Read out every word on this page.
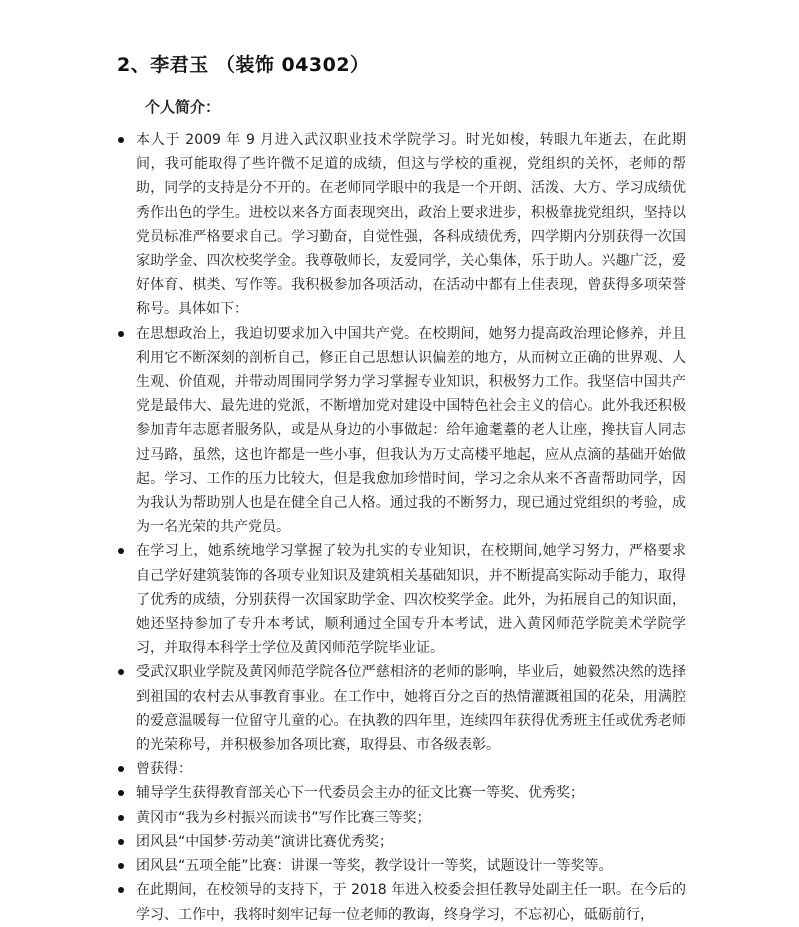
2、李君玉 （装饰 04302）
个人简介：
本人于 2009 年 9 月进入武汉职业技术学院学习。时光如梭，转眼九年逝去，在此期间，我可能取得了些许微不足道的成绩，但这与学校的重视，党组织的关怀，老师的帮助，同学的支持是分不开的。在老师同学眼中的我是一个开朗、活泼、大方、学习成绩优秀作出色的学生。进校以来各方面表现突出，政治上要求进步，积极靠拢党组织，坚持以党员标准严格要求自己。学习勤奋，自觉性强，各科成绩优秀，四学期内分别获得一次国家助学金、四次校奖学金。我尊敬师长，友爱同学，关心集体，乐于助人。兴趣广泛，爱好体育、棋类、写作等。我积极参加各项活动，在活动中都有上佳表现，曾获得多项荣誉称号。具体如下：
在思想政治上，我迫切要求加入中国共产党。在校期间，她努力提高政治理论修养，并且利用它不断深刻的剖析自己，修正自己思想认识偏差的地方，从而树立正确的世界观、人生观、价值观，并带动周围同学努力学习掌握专业知识，积极努力工作。我坚信中国共产党是最伟大、最先进的党派，不断增加党对建设中国特色社会主义的信心。此外我还积极参加青年志愿者服务队，或是从身边的小事做起：给年逾耄耋的老人让座，搀扶盲人同志过马路，虽然，这也许都是一些小事，但我认为万丈高楼平地起，应从点滴的基础开始做起。学习、工作的压力比较大，但是我愈加珍惜时间，学习之余从来不吝啬帮助同学，因为我认为帮助别人也是在健全自己人格。通过我的不断努力，现已通过党组织的考验，成为一名光荣的共产党员。
在学习上，她系统地学习掌握了较为扎实的专业知识，在校期间,她学习努力，严格要求自己学好建筑装饰的各项专业知识及建筑相关基础知识，并不断提高实际动手能力，取得了优秀的成绩，分别获得一次国家助学金、四次校奖学金。此外，为拓展自己的知识面，她还坚持参加了专升本考试，顺利通过全国专升本考试，进入黄冈师范学院美术学院学习，并取得本科学士学位及黄冈师范学院毕业证。
受武汉职业学院及黄冈师范学院各位严慈相济的老师的影响，毕业后，她毅然决然的选择到祖国的农村去从事教育事业。在工作中，她将百分之百的热情灌溉祖国的花朵，用满腔的爱意温暖每一位留守儿童的心。在执教的四年里，连续四年获得优秀班主任或优秀老师的光荣称号，并积极参加各项比赛，取得县、市各级表彰。
曾获得：
辅导学生获得教育部关心下一代委员会主办的征文比赛一等奖、优秀奖；
黄冈市“我为乡村振兴而读书”写作比赛三等奖；
团风县“中国梦·劳动美”演讲比赛优秀奖；
团风县“五项全能”比赛：讲课一等奖，教学设计一等奖，试题设计一等奖等。
在此期间，在校领导的支持下，于 2018 年进入校委会担任教导处副主任一职。在今后的学习、工作中，我将时刻牢记每一位老师的教诲，终身学习，不忘初心，砥砺前行，
